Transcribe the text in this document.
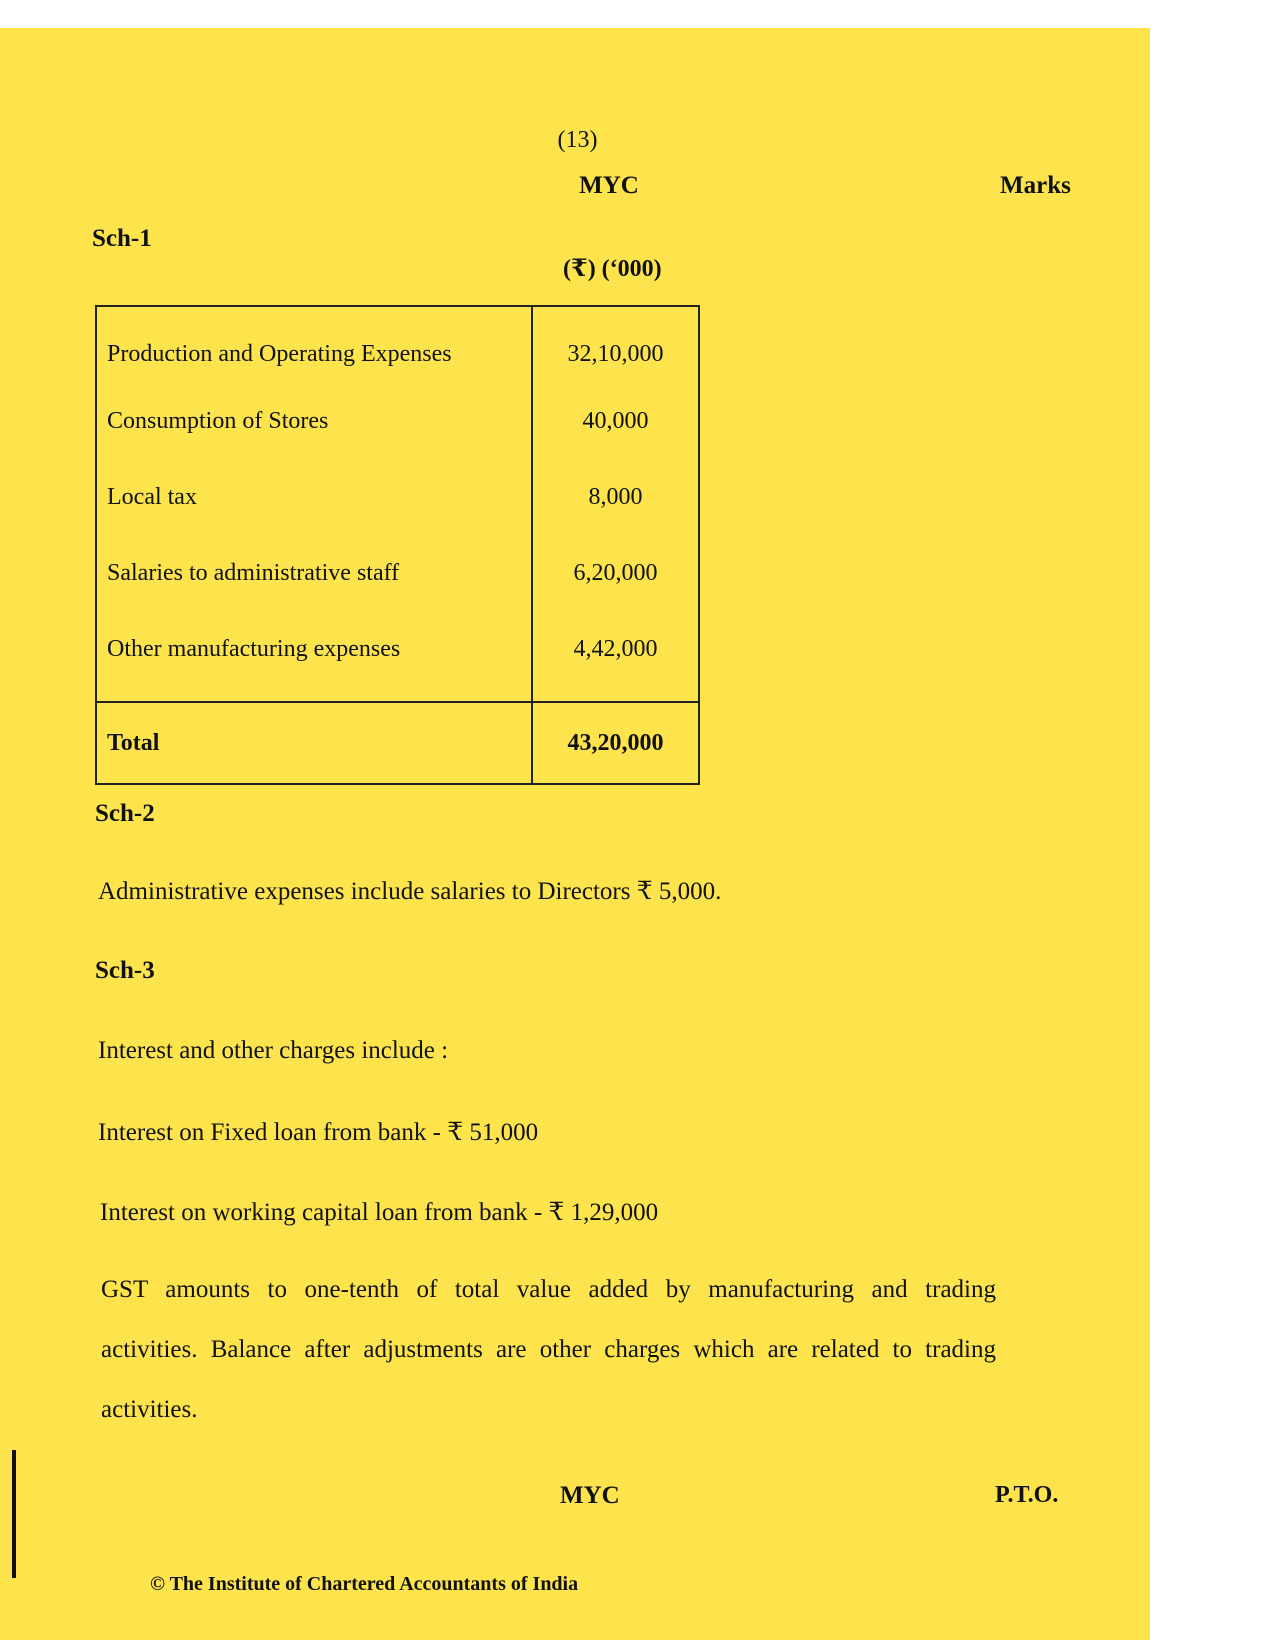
(13)
MYC	Marks
Sch-1
(₹) (‘000)
Production and Operating Expenses	32,10,000
Consumption of Stores	40,000
Local tax	8,000
Salaries to administrative staff	6,20,000
Other manufacturing expenses	4,42,000
Total	43,20,000
Sch-2
Administrative expenses include salaries to Directors ₹ 5,000.
Sch-3
Interest and other charges include :
Interest on Fixed loan from bank - ₹ 51,000
Interest on working capital loan from bank - ₹ 1,29,000
GST amounts to one-tenth of total value added by manufacturing and trading
activities. Balance after adjustments are other charges which are related to trading
activities.
MYC	P.T.O.
© The Institute of Chartered Accountants of India
